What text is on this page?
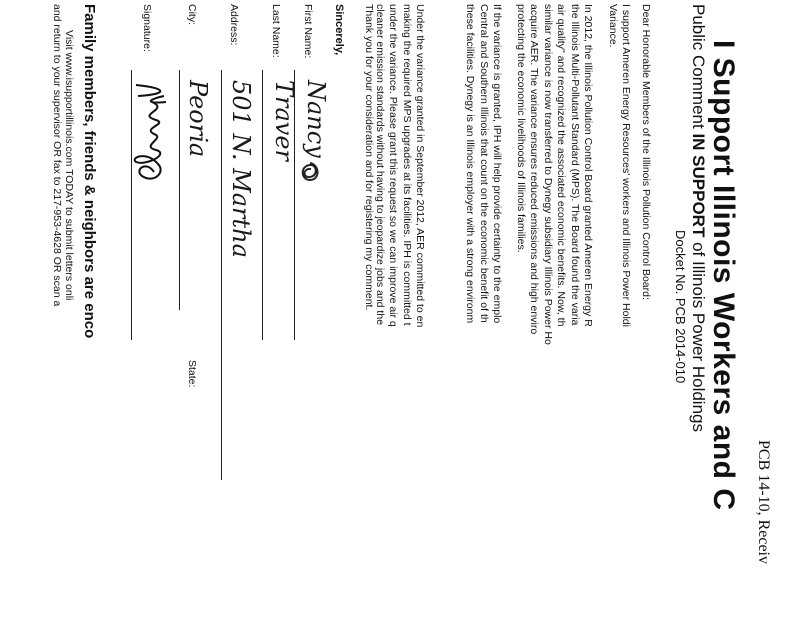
PCB 14-10, Receiv
I Support Illinois Workers and C
Public Comment IN SUPPORT of Illinois Power Holdings
Docket No. PCB 2014-010
Dear Honorable Members of the Illinois Pollution Control Board:
I support Ameren Energy Resources' workers and Illinois Power Holdi
Variance.
In 2012, the Illinois Pollution Control Board granted Ameren Energy R
the Illinois Multi-Pollutant Standard (MPS). The Board found the varia
air quality" and recognized the associated economic benefits. Now, th
similar variance is now transferred to Dynegy subsidiary Illinois Power Ho
acquire AER. The variance ensures reduced emissions and high enviro
protecting the economic livelihoods of Illinois families.
If the variance is granted, IPH will help provide certainty to the emplo
Central and Southern Illinois that count on the economic benefit of th
these facilities. Dynegy is an Illinois employer with a strong environm
Under the variance granted in September 2012, AER committed to en
making the required MPS upgrades at its facilities. IPH is committed t
under the variance. Please grant this request so we can improve air q
cleaner emission standards without having to jeopardize jobs and the
Thank you for your consideration and for registering my comment.
Sincerely,
First Name:
Nancy
Last Name:
Traver
Address:
501 N. Martha
City:
Peoria
State:
Signature:
Family members, friends & neighbors are enco
Visit www.isupportillinois.com TODAY to submit letters onli
and return to your supervisor OR fax to 217-953-4628 OR scan a
